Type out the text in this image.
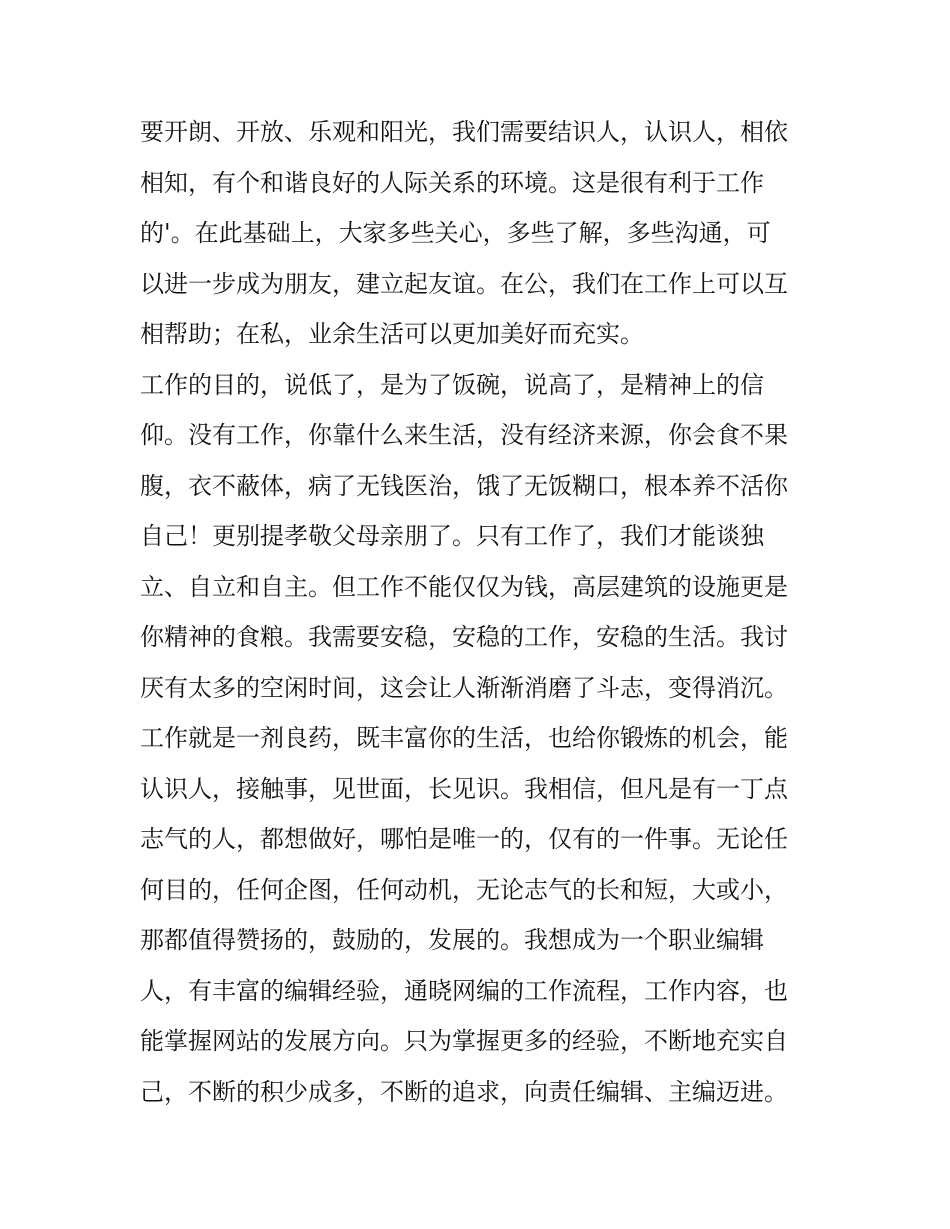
要开朗、开放、乐观和阳光，我们需要结识人，认识人，相依
相知，有个和谐良好的人际关系的环境。这是很有利于工作
的'。在此基础上，大家多些关心，多些了解，多些沟通，可
以进一步成为朋友，建立起友谊。在公，我们在工作上可以互
相帮助；在私，业余生活可以更加美好而充实。
工作的目的，说低了，是为了饭碗，说高了，是精神上的信
仰。没有工作，你靠什么来生活，没有经济来源，你会食不果
腹，衣不蔽体，病了无钱医治，饿了无饭糊口，根本养不活你
自己！更别提孝敬父母亲朋了。只有工作了，我们才能谈独
立、自立和自主。但工作不能仅仅为钱，高层建筑的设施更是
你精神的食粮。我需要安稳，安稳的工作，安稳的生活。我讨
厌有太多的空闲时间，这会让人渐渐消磨了斗志，变得消沉。
工作就是一剂良药，既丰富你的生活，也给你锻炼的机会，能
认识人，接触事，见世面，长见识。我相信，但凡是有一丁点
志气的人，都想做好，哪怕是唯一的，仅有的一件事。无论任
何目的，任何企图，任何动机，无论志气的长和短，大或小，
那都值得赞扬的，鼓励的，发展的。我想成为一个职业编辑
人，有丰富的编辑经验，通晓网编的工作流程，工作内容，也
能掌握网站的发展方向。只为掌握更多的经验，不断地充实自
己，不断的积少成多，不断的追求，向责任编辑、主编迈进。
